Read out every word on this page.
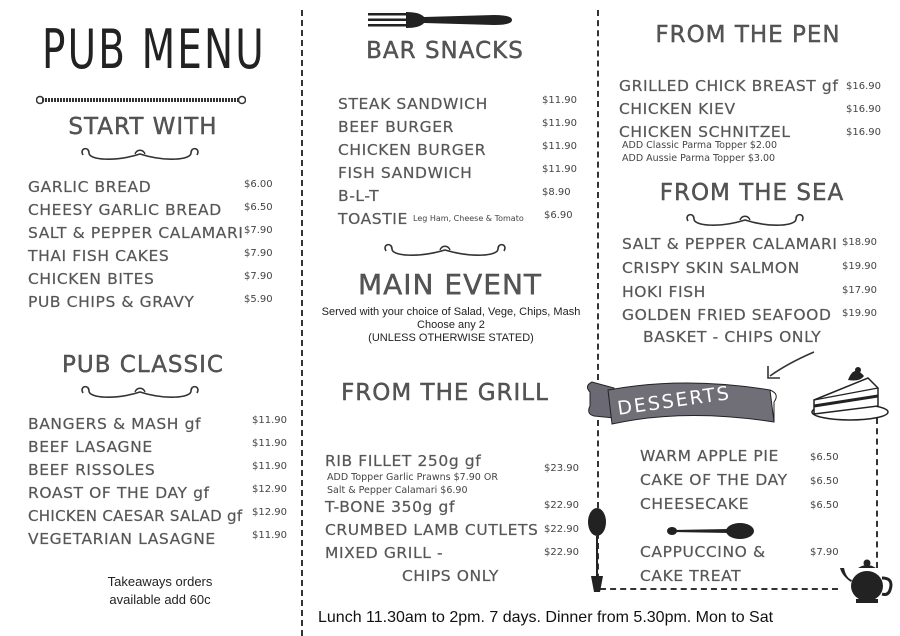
PUB MENU
START WITH
GARLIC BREAD	$6.00
CHEESY GARLIC BREAD $6.50
SALT & PEPPER CALAMARI $7.90
THAI FISH CAKES	$7.90
CHICKEN BITES	$7.90
PUB CHIPS & GRAVY	$5.90
PUB CLASSIC
BANGERS & MASH gf	$11.90
BEEF LASAGNE	$11.90
BEEF RISSOLES	$11.90
ROAST OF THE DAY gf	$12.90
CHICKEN CAESAR SALAD gf $12.90
VEGETARIAN LASAGNE	$11.90
Takeaways orders
available add 60c
BAR SNACKS
STEAK SANDWICH	$11.90
BEEF BURGER	$11.90
CHICKEN BURGER	$11.90
FISH SANDWICH	$11.90
B-L-T	$8.90
TOASTIE Leg Ham, Cheese & Tomato $6.90
MAIN EVENT
Served with your choice of Salad, Vege, Chips, Mash
Choose any 2
(UNLESS OTHERWISE STATED)
FROM THE GRILL
RIB FILLET 250g gf	$23.90
ADD Topper Garlic Prawns $7.90 OR
Salt & Pepper Calamari $6.90
T-BONE 350g gf	$22.90
CRUMBED LAMB CUTLETS $22.90
MIXED GRILL -	$22.90
CHIPS ONLY
Lunch 11.30am to 2pm. 7 days. Dinner from 5.30pm. Mon to Sat
FROM THE PEN
GRILLED CHICK BREAST gf $16.90
CHICKEN KIEV	$16.90
CHICKEN SCHNITZEL	$16.90
ADD Classic Parma Topper $2.00
ADD Aussie Parma Topper $3.00
FROM THE SEA
SALT & PEPPER CALAMARI $18.90
CRISPY SKIN SALMON	$19.90
HOKI FISH	$17.90
GOLDEN FRIED SEAFOOD $19.90
BASKET - CHIPS ONLY
DESSERTS
WARM APPLE PIE	$6.50
CAKE OF THE DAY $6.50
CHEESECAKE	$6.50
CAPPUCCINO &	$7.90
CAKE TREAT
